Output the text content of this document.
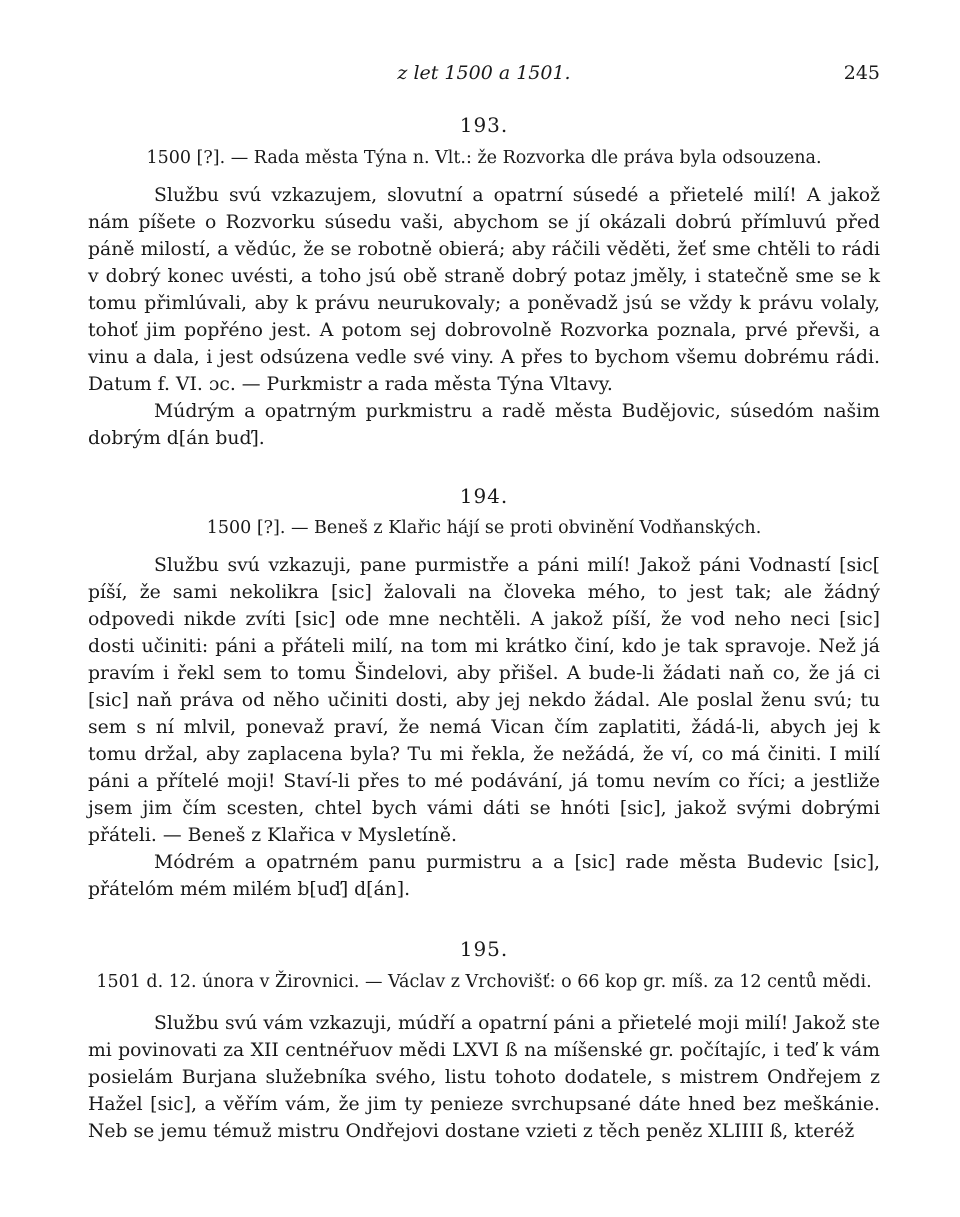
z let 1500 a 1501.	245
193.
1500 [?]. — Rada města Týna n. Vlt.: že Rozvorka dle práva byla odsouzena.

Službu svú vzkazujem, slovutní a opatrní súsedé a přietelé milí! A jakož nám píšete o Rozvorku súsedu vaši, abychom se jí okázali dobrú přímluvú před páně milostí, a vědúc, že se robotně obierá; aby ráčili věděti, žeť sme chtěli to rádi v dobrý konec uvésti, a toho jsú obě straně dobrý potaz jměly, i statečně sme se k tomu přimlúvali, aby k právu neurukovaly; a poněvadž jsú se vždy k právu volaly, tohoť jim popřéno jest. A potom sej dobrovolně Rozvorka poznala, prvé převši, a vinu a dala, i jest odsúzena vedle své viny. A přes to bychom všemu dobrému rádi. Datum f. VI. ɔc. — Purkmistr a rada města Týna Vltavy.

Múdrým a opatrným purkmistru a radě města Budějovic, súsedóm našim dobrým d[án buď].

194.
1500 [?]. — Beneš z Klařic hájí se proti obvinění Vodňanských.

Službu svú vzkazuji, pane purmistře a páni milí! Jakož páni Vodnastí [sic[ píší, že sami nekolikra [sic] žalovali na človeka mého, to jest tak; ale žádný odpovedi nikde zvíti [sic] ode mne nechtěli. A jakož píší, že vod neho neci [sic] dosti učiniti: páni a přáteli milí, na tom mi krátko činí, kdo je tak spravoje. Než já pravím i řekl sem to tomu Šindelovi, aby přišel. A bude-li žádati naň co, že já ci [sic] naň práva od něho učiniti dosti, aby jej nekdo žádal. Ale poslal ženu svú; tu sem s ní mlvil, ponevaž praví, že nemá Vican čím zaplatiti, žádá-li, abych jej k tomu držal, aby zaplacena byla? Tu mi řekla, že nežádá, že ví, co má činiti. I milí páni a přítelé moji! Staví-li přes to mé podávání, já tomu nevím co říci; a jestliže jsem jim čím scesten, chtel bych vámi dáti se hnóti [sic], jakož svými dobrými přáteli. — Beneš z Klařica v Mysletíně.

Módrém a opatrném panu purmistru a a [sic] rade města Budevic [sic], přátelóm mém milém b[uď] d[án].

195.
1501 d. 12. února v Žirovnici. — Václav z Vrchovišť: o 66 kop gr. míš. za 12 centů mědi.

Službu svú vám vzkazuji, múdří a opatrní páni a přietelé moji milí! Jakož ste mi povinovati za XII centnéřuov mědi LXVI ß na míšenské gr. počítajíc, i teď k vám posielám Burjana služebníka svého, listu tohoto dodatele, s mistrem Ondřejem z Hažel [sic], a věřím vám, že jim ty penieze svrchupsané dáte hned bez meškánie. Neb se jemu témuž mistru Ondřejovi dostane vzieti z těch peněz XLIIII ß, kteréž
